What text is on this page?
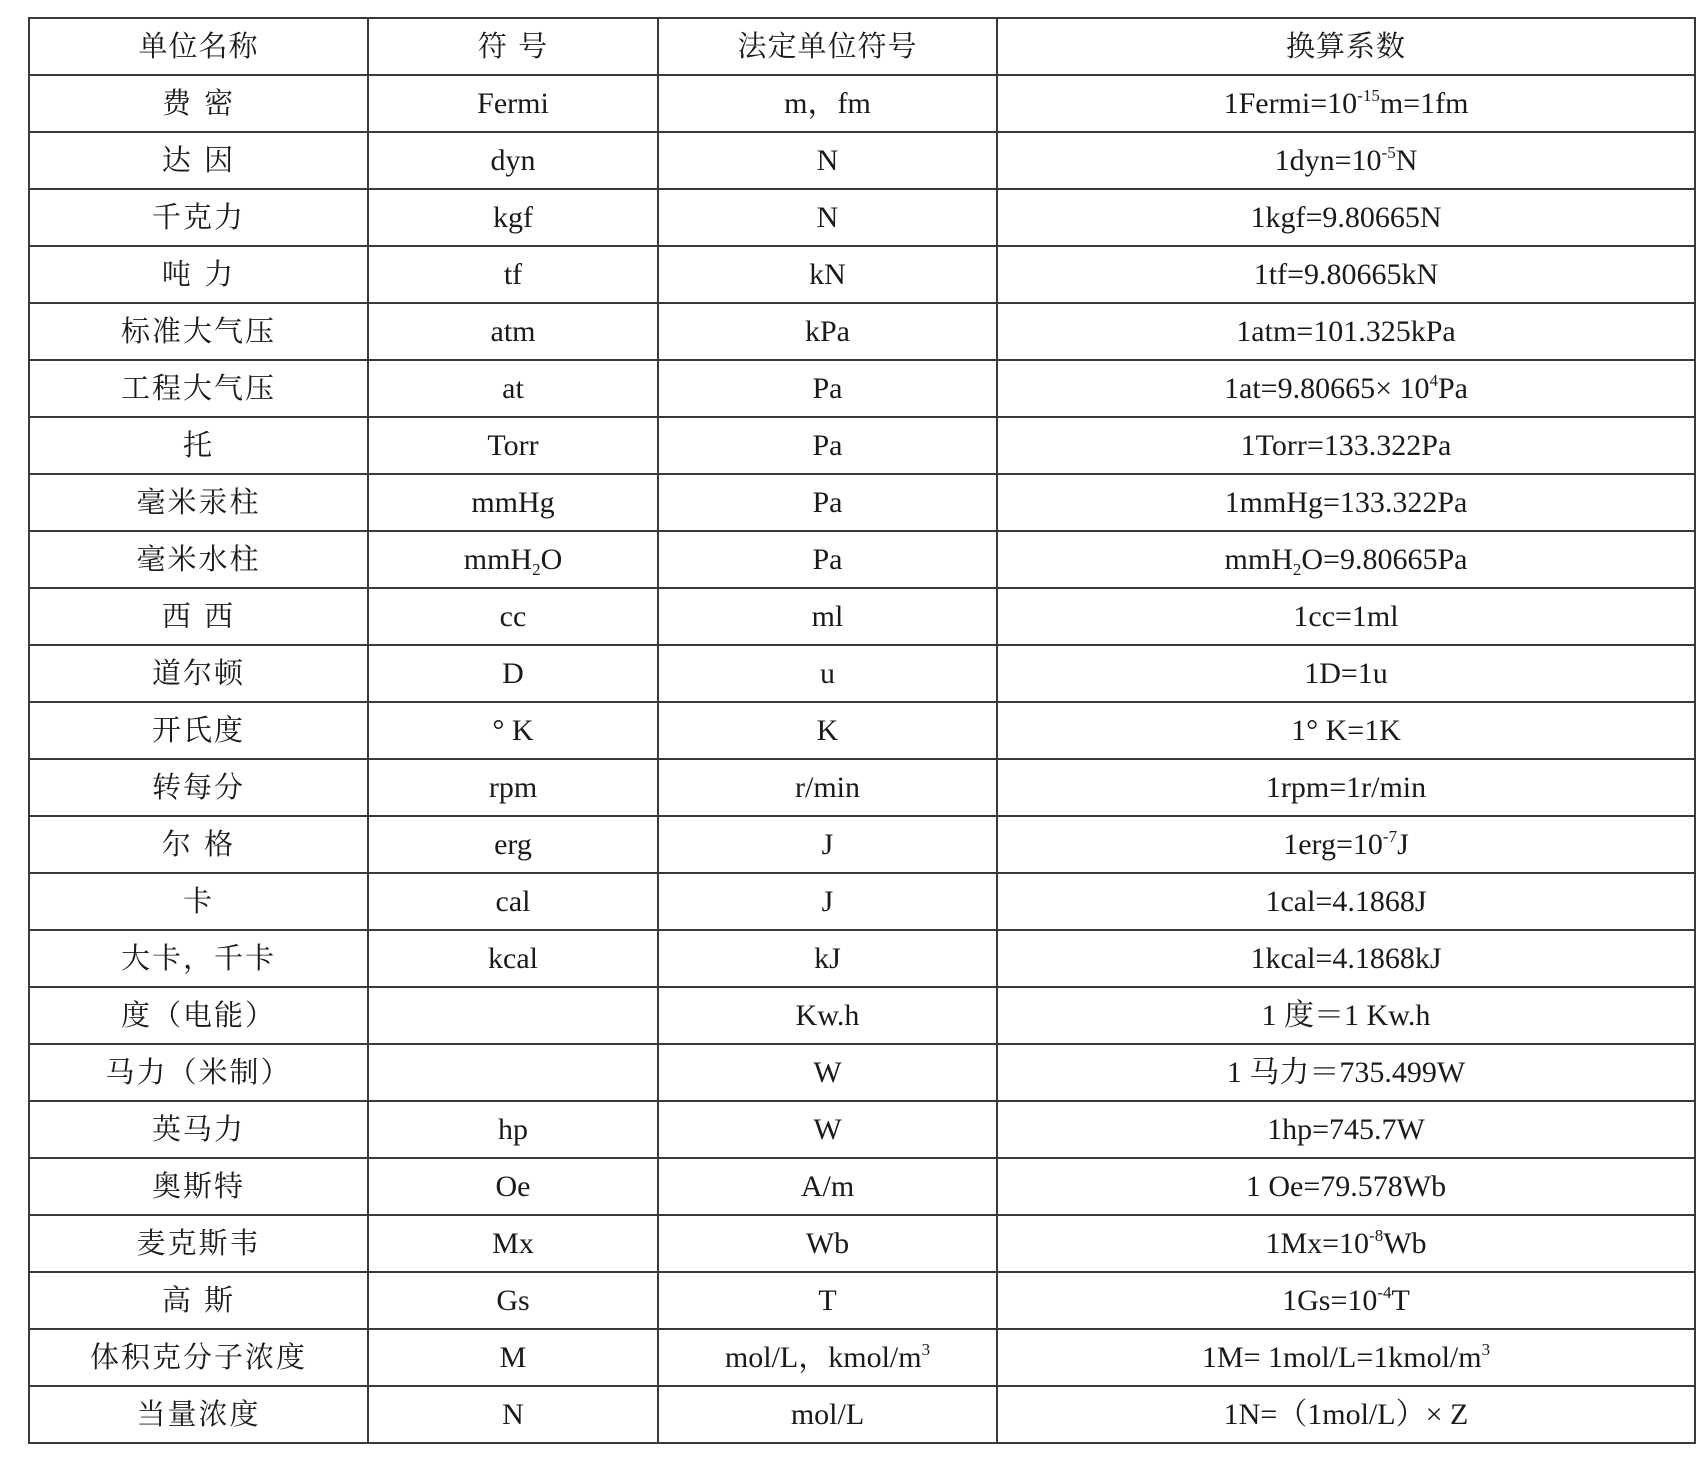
单位名称	符 号	法定单位符号	换算系数
费 密	Fermi	m，fm	$1Fermi=10^{-15}m=1fm$
达 因	dyn	N	$1dyn=10^{-5}N$
千克力	kgf	N	1kgf=9.80665N
吨 力	tf	kN	1tf=9.80665kN
标准大气压	atm	kPa	1atm=101.325kPa
工程大气压	at	Pa	$1at=9.80665\times 10^4Pa$
托	Torr	Pa	1Torr=133.322Pa
毫米汞柱	mmHg	Pa	1mmHg=133.322Pa
毫米水柱	mmH$_2$O	Pa	mmH$_2$O=9.80665Pa
西 西	cc	ml	1cc=1ml
道尔顿	D	u	1D=1u
开氏度	° K	K	1° K=1K
转每分	rpm	r/min	1rpm=1r/min
尔 格	erg	J	$1erg=10^{-7}J$
卡	cal	J	1cal=4.1868J
大卡，千卡	kcal	kJ	1kcal=4.1868kJ
度（电能）		Kw.h	1 度＝1 Kw.h
马力（米制）		W	1 马力＝735.499W
英马力	hp	W	1hp=745.7W
奥斯特	Oe	A/m	1 Oe=79.578Wb
麦克斯韦	Mx	Wb	$1Mx=10^{-8}Wb$
高 斯	Gs	T	$1Gs=10^{-4}T$
体积克分子浓度	M	mol/L，kmol/$m^3$	$1M= 1mol/L=1kmol/m^3$
当量浓度	N	mol/L	1N=（1mol/L）× Z
